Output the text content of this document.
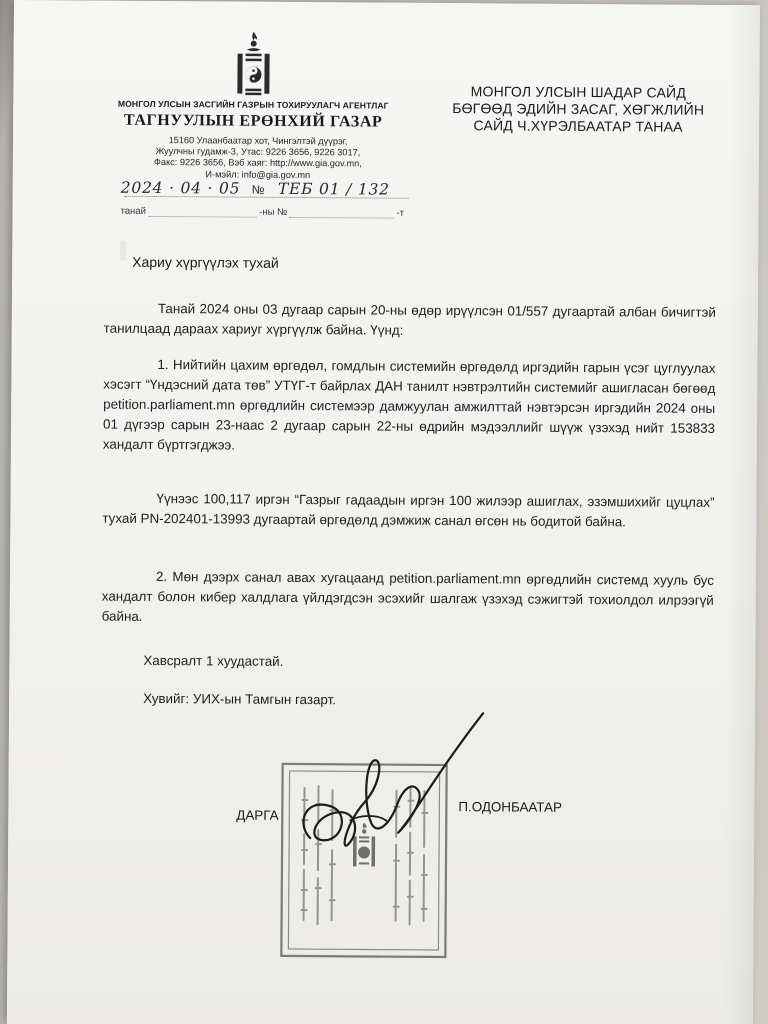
МОНГОЛ УЛСЫН ЗАСГИЙН ГАЗРЫН ТОХИРУУЛАГЧ АГЕНТЛАГ
ТАГНУУЛЫН ЕРӨНХИЙ ГАЗАР
15160 Улаанбаатар хот, Чингэлтэй дүүрэг,
Жуулчны гудамж-3, Утас: 9226 3656, 9226 3017,
Факс: 9226 3656, Вэб хаяг: http://www.gia.gov.mn,
И-мэйл: info@gia.gov.mn
МОНГОЛ УЛСЫН ШАДАР САЙД
БӨГӨӨД ЭДИЙН ЗАСАГ, ХӨГЖЛИЙН
САЙД Ч.ХҮРЭЛБААТАР ТАНАА
2024 · 04 · 05 № ТЕБ 01 / 132
танай	-ны №	-т
Хариу хүргүүлэх тухай

Танай 2024 оны 03 дугаар сарын 20-ны өдөр ирүүлсэн 01/557 дугаартай албан бичигтэй танилцаад дараах хариуг хүргүүлж байна. Үүнд:

1. Нийтийн цахим өргөдөл, гомдлын системийн өргөдөлд иргэдийн гарын үсэг цуглуулах хэсэгт “Үндэсний дата төв” УТҮГ-т байрлах ДАН танилт нэвтрэлтийн системийг ашигласан бөгөөд petition.parliament.mn өргөдлийн системээр дамжуулан амжилттай нэвтэрсэн иргэдийн 2024 оны 01 дүгээр сарын 23-наас 2 дугаар сарын 22-ны өдрийн мэдээллийг шүүж үзэхэд нийт 153833 хандалт бүртгэгджээ.

Үүнээс 100,117 иргэн “Газрыг гадаадын иргэн 100 жилээр ашиглах, эзэмшихийг цуцлах” тухай PN-202401-13993 дугаартай өргөдөлд дэмжиж санал өгсөн нь бодитой байна.

2. Мөн дээрх санал авах хугацаанд petition.parliament.mn өргөдлийн системд хууль бус хандалт болон кибер халдлага үйлдэгдсэн эсэхийг шалгаж үзэхэд сэжигтэй тохиолдол илрээгүй байна.

Хавсралт 1 хуудастай.
Хувийг: УИХ-ын Тамгын газарт.
ДАРГА
П.ОДОНБААТАР
